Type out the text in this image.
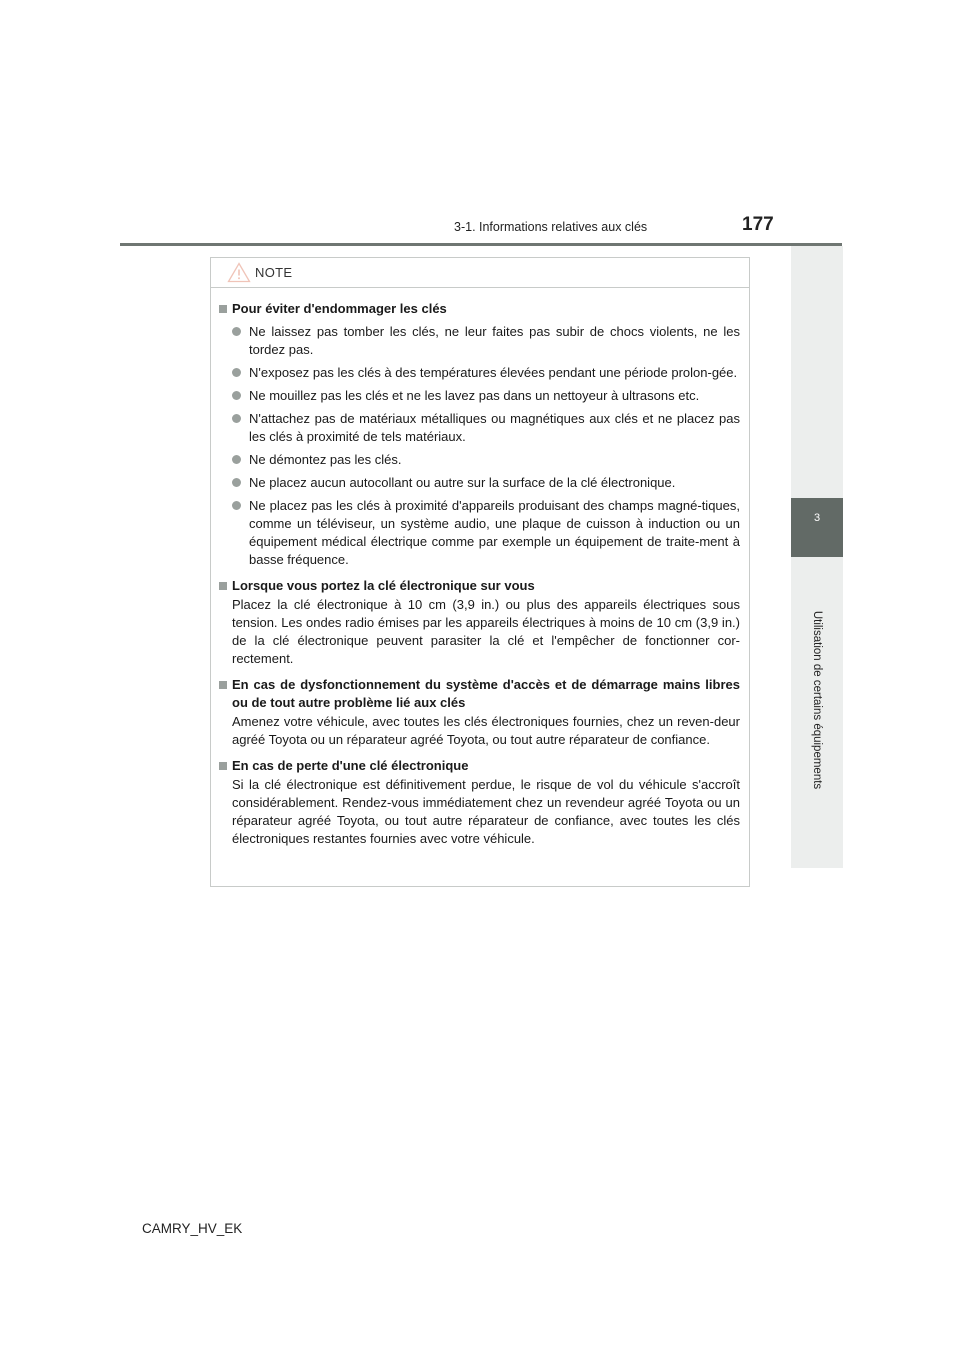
3-1. Informations relatives aux clés	177
3
Utilisation de certains équipements
NOTE
Pour éviter d'endommager les clés
Ne laissez pas tomber les clés, ne leur faites pas subir de chocs violents, ne les tordez pas.
N'exposez pas les clés à des températures élevées pendant une période prolon-gée.
Ne mouillez pas les clés et ne les lavez pas dans un nettoyeur à ultrasons etc.
N'attachez pas de matériaux métalliques ou magnétiques aux clés et ne placez pas les clés à proximité de tels matériaux.
Ne démontez pas les clés.
Ne placez aucun autocollant ou autre sur la surface de la clé électronique.
Ne placez pas les clés à proximité d'appareils produisant des champs magné-tiques, comme un téléviseur, un système audio, une plaque de cuisson à induction ou un équipement médical électrique comme par exemple un équipement de traite-ment à basse fréquence.
Lorsque vous portez la clé électronique sur vous
Placez la clé électronique à 10 cm (3,9 in.) ou plus des appareils électriques sous tension. Les ondes radio émises par les appareils électriques à moins de 10 cm (3,9 in.) de la clé électronique peuvent parasiter la clé et l'empêcher de fonctionner cor-rectement.
En cas de dysfonctionnement du système d'accès et de démarrage mains libres ou de tout autre problème lié aux clés
Amenez votre véhicule, avec toutes les clés électroniques fournies, chez un reven-deur agréé Toyota ou un réparateur agréé Toyota, ou tout autre réparateur de confiance.
En cas de perte d'une clé électronique
Si la clé électronique est définitivement perdue, le risque de vol du véhicule s'accroît considérablement. Rendez-vous immédiatement chez un revendeur agréé Toyota ou un réparateur agréé Toyota, ou tout autre réparateur de confiance, avec toutes les clés électroniques restantes fournies avec votre véhicule.
CAMRY_HV_EK
